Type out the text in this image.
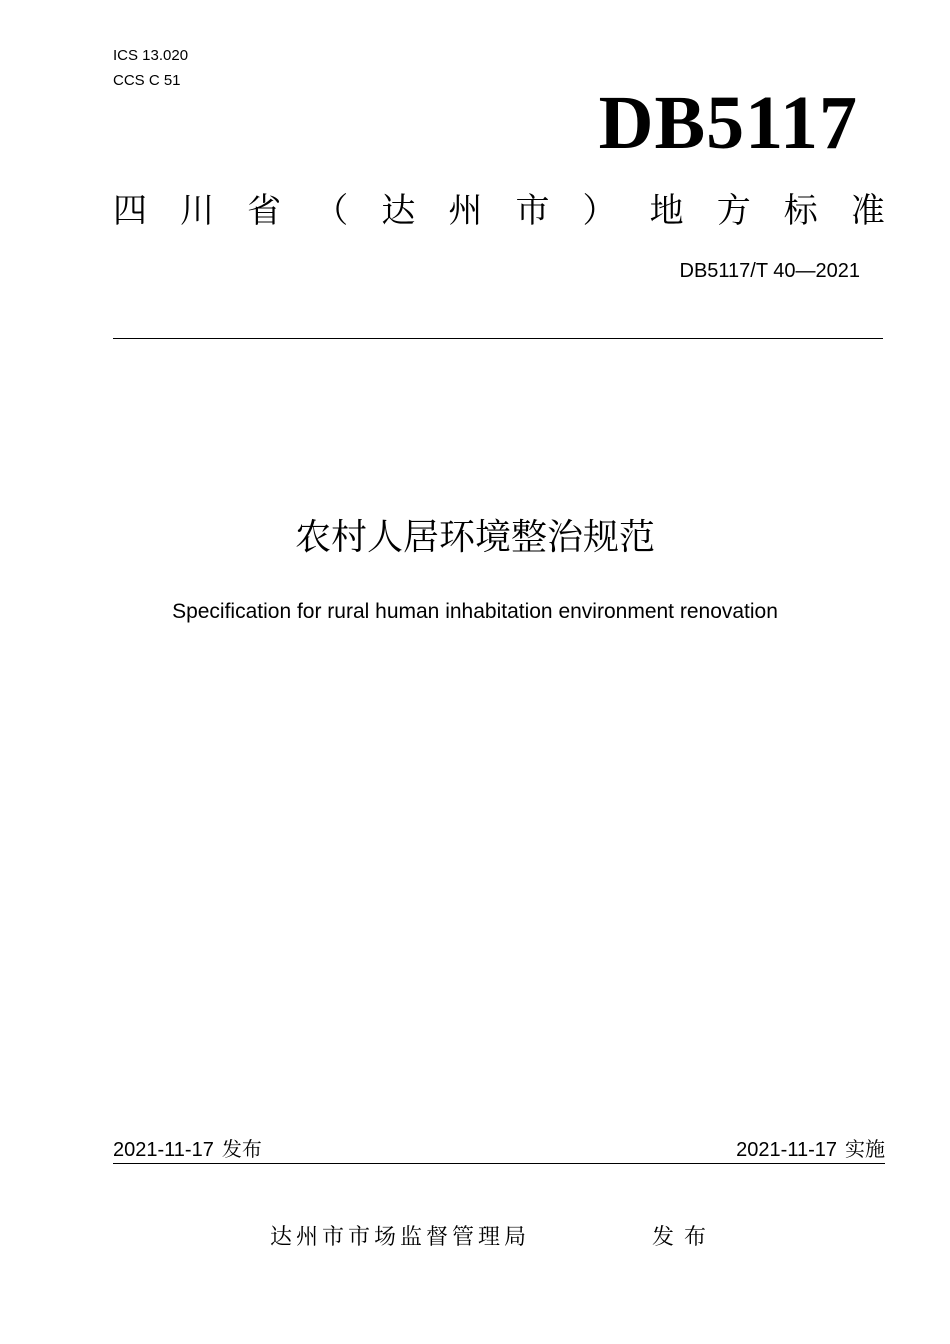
ICS 13.020
CCS C 51
DB5117
四 川 省 （ 达 州 市 ） 地 方 标 准
DB5117/T 40—2021
农村人居环境整治规范
Specification for rural human inhabitation environment renovation
2021-11-17 发布	2021-11-17 实施
达州市市场监督管理局	发布
